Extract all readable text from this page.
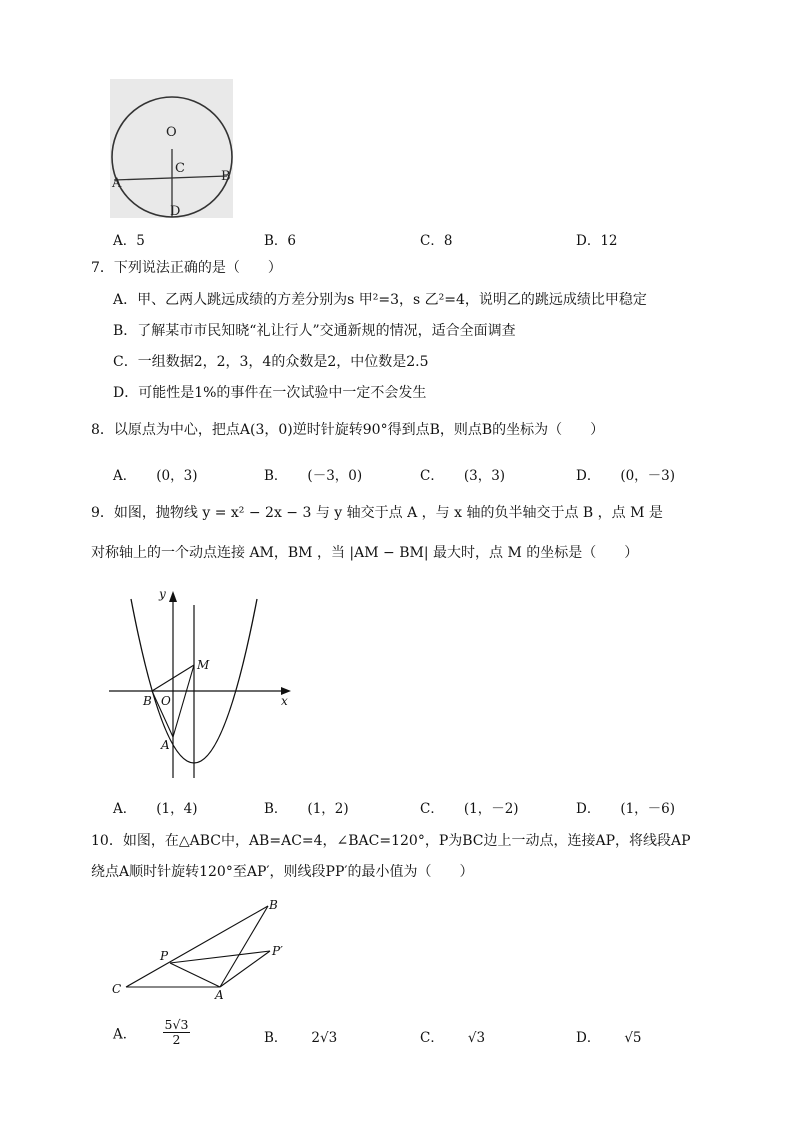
O
C
A	B
D
A．5	B．6	C．8	D．12
7．下列说法正确的是（　　）
A．甲、乙两人跳远成绩的方差分别为s 甲²=3，s 乙²=4，说明乙的跳远成绩比甲稳定
B．了解某市市民知晓“礼让行人”交通新规的情况，适合全面调查
C．一组数据2，2，3，4的众数是2，中位数是2.5
D．可能性是1%的事件在一次试验中一定不会发生
8．以原点为中心，把点A(3，0)逆时针旋转90°得到点B，则点B的坐标为（　　）
A． (0，3)	B． (－3，0)	C． (3，3)	D． (0，－3)
9．如图，抛物线 y = x² − 2x − 3 与 y 轴交于点 A ，与 x 轴的负半轴交于点 B ，点 M 是
对称轴上的一个动点连接 AM，BM ，当 |AM − BM| 最大时，点 M 的坐标是（　　）
y
x
M
B O
A
A． (1，4)	B． (1，2)	C． (1，－2)	D． (1，－6)
10．如图，在△ABC中，AB=AC=4，∠BAC=120°，P为BC边上一动点，连接AP，将线段AP
绕点A顺时针旋转120°至AP′，则线段PP′的最小值为（　　）
B
P	P′
C	A
A． $\frac{5√3}{2}$	B． 2√3	C． √3	D． √5
